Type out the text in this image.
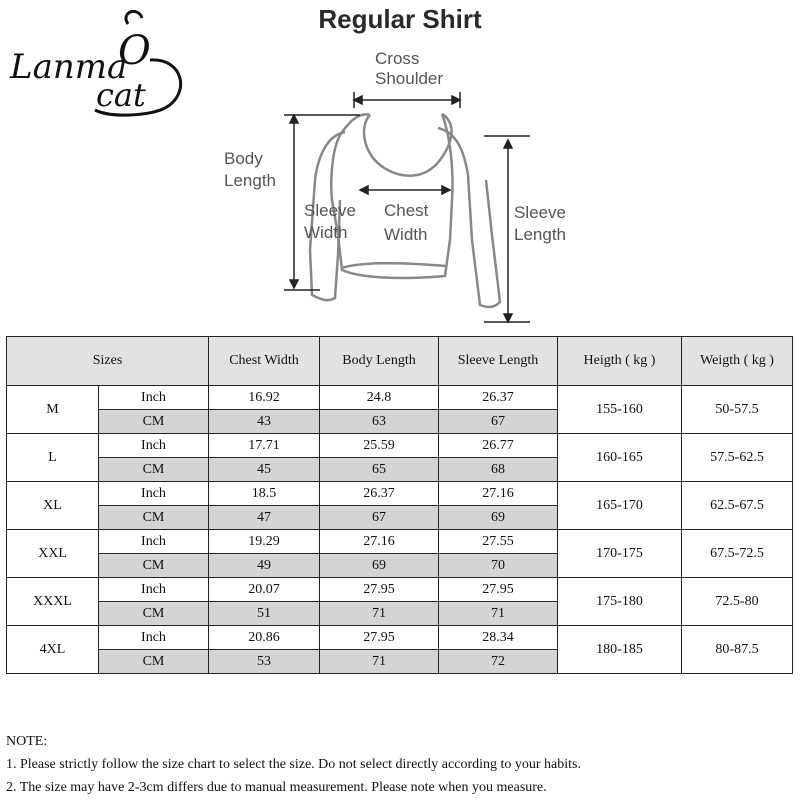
Lanma
cat
O
Regular Shirt
Cross
Shoulder
Body
Length
Sleeve
Width
Chest
Width
Sleeve
Length
Sizes		Chest Width	Body Length	Sleeve Length	Heigth ( kg )	Weigth ( kg )
M	Inch	16.92	24.8	26.37	155-160	50-57.5
	CM	43	63	67		
L	Inch	17.71	25.59	26.77	160-165	57.5-62.5
	CM	45	65	68		
XL	Inch	18.5	26.37	27.16	165-170	62.5-67.5
	CM	47	67	69		
XXL	Inch	19.29	27.16	27.55	170-175	67.5-72.5
	CM	49	69	70		
XXXL	Inch	20.07	27.95	27.95	175-180	72.5-80
	CM	51	71	71		
4XL	Inch	20.86	27.95	28.34	180-185	80-87.5
	CM	53	71	72		
NOTE:
1. Please strictly follow the size chart to select the size. Do not select directly according to your habits.
2. The size may have 2-3cm differs due to manual measurement. Please note when you measure.
